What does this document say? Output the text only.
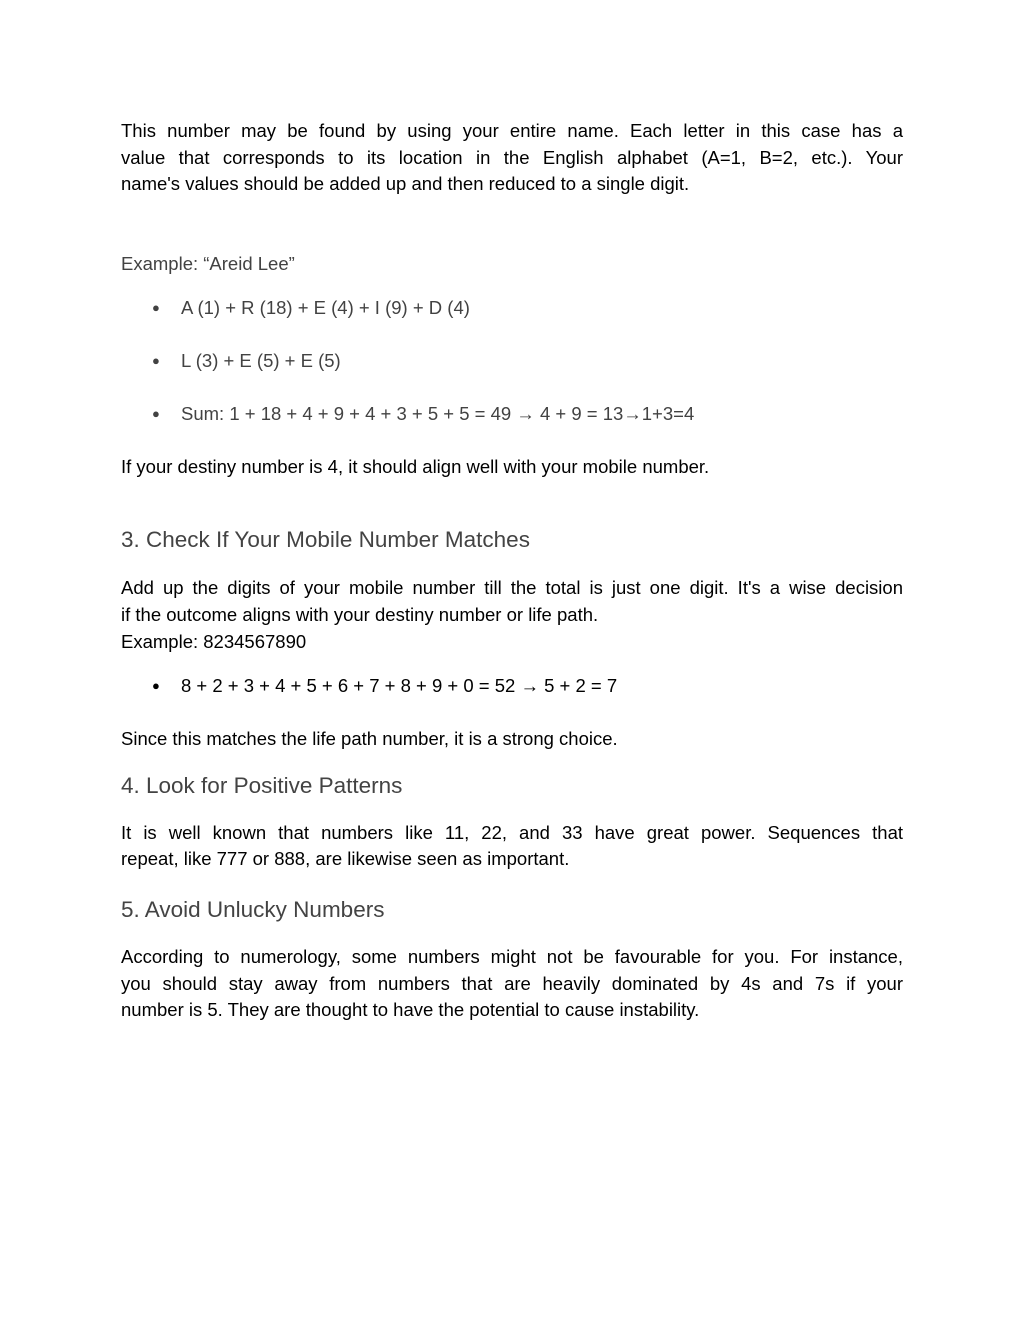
This number may be found by using your entire name. Each letter in this case has a
value that corresponds to its location in the English alphabet (A=1, B=2, etc.). Your
name's values should be added up and then reduced to a single digit.
Example: “Areid Lee”
● A (1) + R (18) + E (4) + I (9) + D (4)
● L (3) + E (5) + E (5)
● Sum: 1 + 18 + 4 + 9 + 4 + 3 + 5 + 5 = 49 → 4 + 9 = 13→1+3=4
If your destiny number is 4, it should align well with your mobile number.
3. Check If Your Mobile Number Matches
Add up the digits of your mobile number till the total is just one digit. It's a wise decision
if the outcome aligns with your destiny number or life path.
Example: 8234567890
● 8 + 2 + 3 + 4 + 5 + 6 + 7 + 8 + 9 + 0 = 52 → 5 + 2 = 7
Since this matches the life path number, it is a strong choice.
4. Look for Positive Patterns
It is well known that numbers like 11, 22, and 33 have great power. Sequences that
repeat, like 777 or 888, are likewise seen as important.
5. Avoid Unlucky Numbers
According to numerology, some numbers might not be favourable for you. For instance,
you should stay away from numbers that are heavily dominated by 4s and 7s if your
number is 5. They are thought to have the potential to cause instability.
